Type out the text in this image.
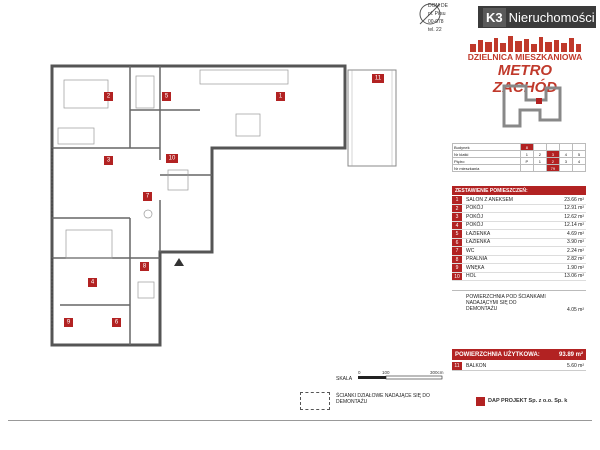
1
2
3
4
5
6
7
8
9
10
11
DOM DE
pl. Piłsu
00-078
tel. 22
K3 Nieruchomości
DZIELNICA MIESZKANIOWA
METRO ZACHÓD
Budynek	8				
Nr klatki	1	2	3	4	5
Piętro	P	1	2	3	4
Nr mieszkania			79		
ZESTAWIENIE POMIESZCZEŃ:
1	SALON Z ANEKSEM	23.66 m²
2	POKÓJ	12.91 m²
3	POKÓJ	12.62 m²
4	POKÓJ	12.14 m²
5	ŁAZIENKA	4.69 m²
6	ŁAZIENKA	3.90 m²
7	WC	2.24 m²
8	PRALNIA	2.82 m²
9	WNĘKA	1.90 m²
10	HOL	13.06 m²
POWIERZCHNIA POD ŚCIANKAMI NADAJĄCYMI SIĘ DO DEMONTAŻU	4.05 m²
POWIERZCHNIA UŻYTKOWA:	93.89 m²
11	BALKON	5.60 m²
SKALA
0	100	300cm
ŚCIANKI DZIAŁOWE NADAJĄCE SIĘ DO DEMONTAŻU	DAP PROJEKT Sp. z o.o. Sp. k
